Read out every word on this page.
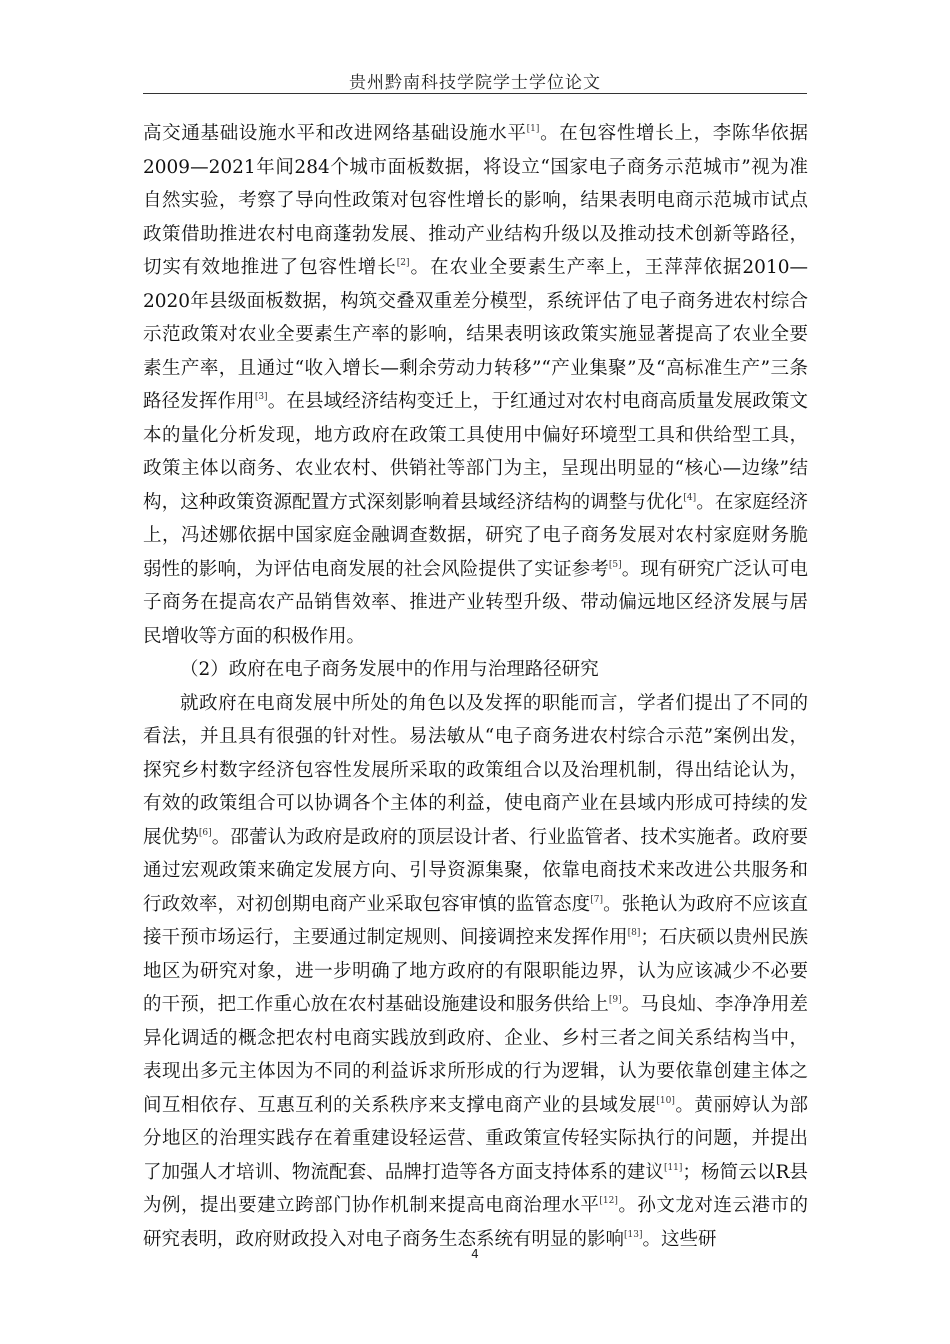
贵州黔南科技学院学士学位论文

高交通基础设施水平和改进网络基础设施水平[1]。在包容性增长上，李陈华依据2009—2021年间284个城市面板数据，将设立“国家电子商务示范城市”视为准自然实验，考察了导向性政策对包容性增长的影响，结果表明电商示范城市试点政策借助推进农村电商蓬勃发展、推动产业结构升级以及推动技术创新等路径，切实有效地推进了包容性增长[2]。在农业全要素生产率上，王萍萍依据2010—2020年县级面板数据，构筑交叠双重差分模型，系统评估了电子商务进农村综合示范政策对农业全要素生产率的影响，结果表明该政策实施显著提高了农业全要素生产率，且通过“收入增长—剩余劳动力转移”“产业集聚”及“高标准生产”三条路径发挥作用[3]。在县域经济结构变迁上，于红通过对农村电商高质量发展政策文本的量化分析发现，地方政府在政策工具使用中偏好环境型工具和供给型工具，政策主体以商务、农业农村、供销社等部门为主，呈现出明显的“核心—边缘”结构，这种政策资源配置方式深刻影响着县域经济结构的调整与优化[4]。在家庭经济上，冯述娜依据中国家庭金融调查数据，研究了电子商务发展对农村家庭财务脆弱性的影响，为评估电商发展的社会风险提供了实证参考[5]。现有研究广泛认可电子商务在提高农产品销售效率、推进产业转型升级、带动偏远地区经济发展与居民增收等方面的积极作用。

（2）政府在电子商务发展中的作用与治理路径研究

就政府在电商发展中所处的角色以及发挥的职能而言，学者们提出了不同的看法，并且具有很强的针对性。易法敏从“电子商务进农村综合示范”案例出发，探究乡村数字经济包容性发展所采取的政策组合以及治理机制，得出结论认为，有效的政策组合可以协调各个主体的利益，使电商产业在县域内形成可持续的发展优势[6]。邵蕾认为政府是政府的顶层设计者、行业监管者、技术实施者。政府要通过宏观政策来确定发展方向、引导资源集聚，依靠电商技术来改进公共服务和行政效率，对初创期电商产业采取包容审慎的监管态度[7]。张艳认为政府不应该直接干预市场运行，主要通过制定规则、间接调控来发挥作用[8]；石庆硕以贵州民族地区为研究对象，进一步明确了地方政府的有限职能边界，认为应该减少不必要的干预，把工作重心放在农村基础设施建设和服务供给上[9]。马良灿、李净净用差异化调适的概念把农村电商实践放到政府、企业、乡村三者之间关系结构当中，表现出多元主体因为不同的利益诉求所形成的行为逻辑，认为要依靠创建主体之间互相依存、互惠互利的关系秩序来支撑电商产业的县域发展[10]。黄丽婷认为部分地区的治理实践存在着重建设轻运营、重政策宣传轻实际执行的问题，并提出了加强人才培训、物流配套、品牌打造等各方面支持体系的建议[11]；杨简云以R县为例，提出要建立跨部门协作机制来提高电商治理水平[12]。孙文龙对连云港市的研究表明，政府财政投入对电子商务生态系统有明显的影响[13]。这些研

4
